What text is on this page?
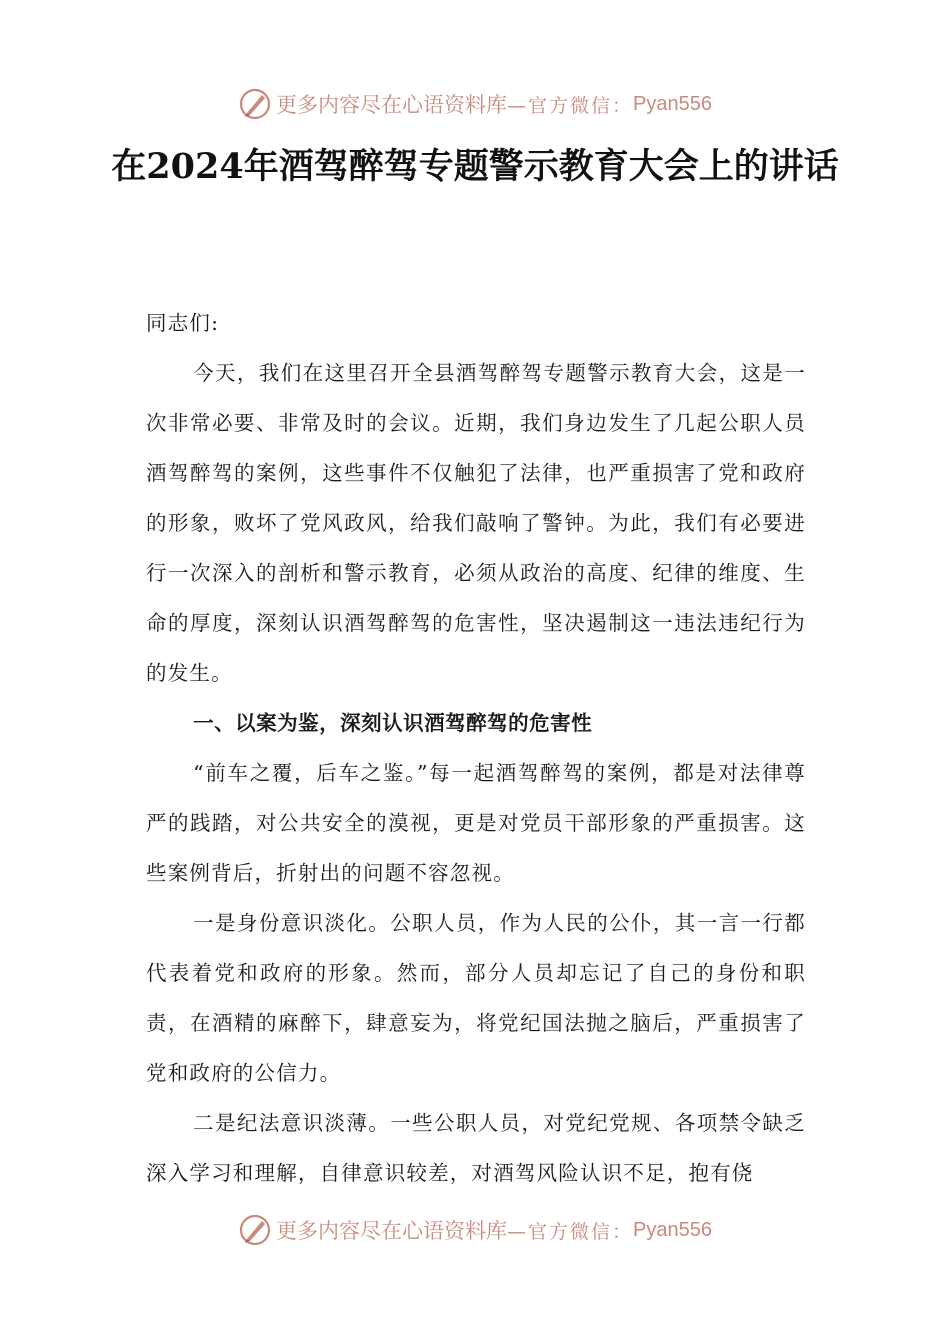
更多内容尽在心语资料库 —官方微信： Pyan556
在2024年酒驾醉驾专题警示教育大会上的讲话

同志们:

今天，我们在这里召开全县酒驾醉驾专题警示教育大会，这是一次非常必要、非常及时的会议。近期，我们身边发生了几起公职人员酒驾醉驾的案例，这些事件不仅触犯了法律，也严重损害了党和政府的形象，败坏了党风政风，给我们敲响了警钟。为此，我们有必要进行一次深入的剖析和警示教育，必须从政治的高度、纪律的维度、生命的厚度，深刻认识酒驾醉驾的危害性，坚决遏制这一违法违纪行为的发生。

一、以案为鉴，深刻认识酒驾醉驾的危害性

“前车之覆，后车之鉴。”每一起酒驾醉驾的案例，都是对法律尊严的践踏，对公共安全的漠视，更是对党员干部形象的严重损害。这些案例背后，折射出的问题不容忽视。

一是身份意识淡化。公职人员，作为人民的公仆，其一言一行都代表着党和政府的形象。然而，部分人员却忘记了自己的身份和职责，在酒精的麻醉下，肆意妄为，将党纪国法抛之脑后，严重损害了党和政府的公信力。

二是纪法意识淡薄。一些公职人员，对党纪党规、各项禁令缺乏深入学习和理解，自律意识较差，对酒驾风险认识不足，抱有侥

更多内容尽在心语资料库 —官方微信： Pyan556
